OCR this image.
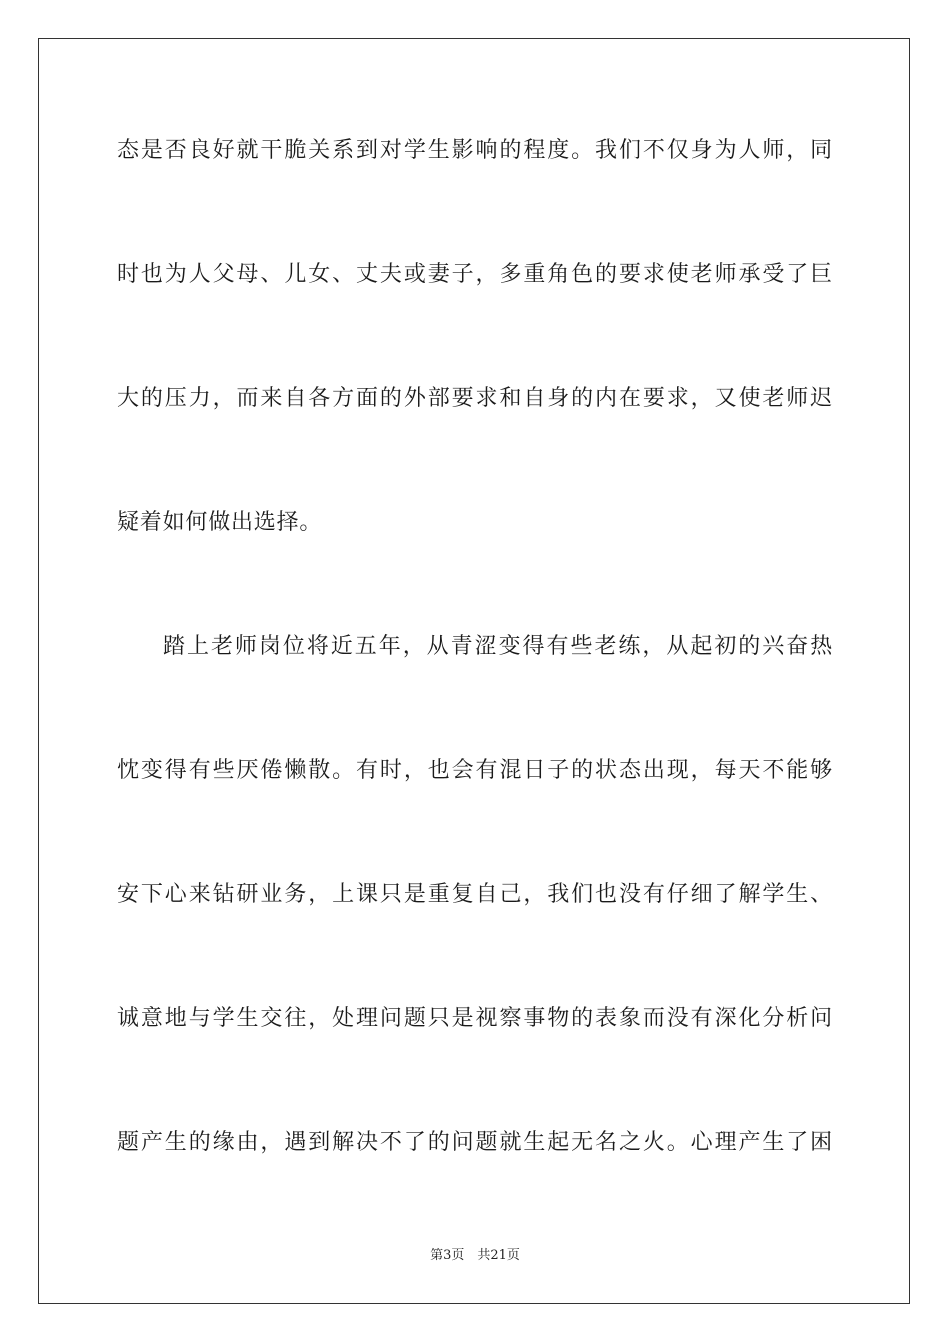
态是否良好就干脆关系到对学生影响的程度。我们不仅身为人师，同
时也为人父母、儿女、丈夫或妻子，多重角色的要求使老师承受了巨
大的压力，而来自各方面的外部要求和自身的内在要求，又使老师迟
疑着如何做出选择。
踏上老师岗位将近五年，从青涩变得有些老练，从起初的兴奋热
忱变得有些厌倦懒散。有时，也会有混日子的状态出现，每天不能够
安下心来钻研业务，上课只是重复自己，我们也没有仔细了解学生、
诚意地与学生交往，处理问题只是视察事物的表象而没有深化分析问
题产生的缘由，遇到解决不了的问题就生起无名之火。心理产生了困
第3页　共21页
